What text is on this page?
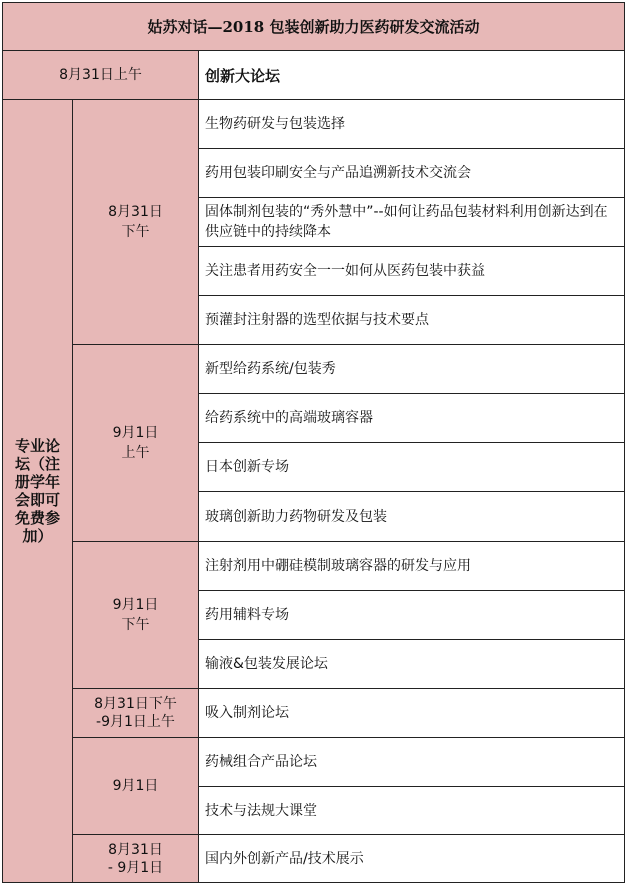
姑苏对话—2018 包装创新助力医药研发交流活动
8月31日上午	创新大论坛
专业论坛（注册学年会即可免费参加）
8月31日
下午
生物药研发与包装选择
药用包装印刷安全与产品追溯新技术交流会
固体制剂包装的“秀外慧中”--如何让药品包装材料利用创新达到在供应链中的持续降本
关注患者用药安全一一如何从医药包装中获益
预灌封注射器的选型依据与技术要点
9月1日
上午
新型给药系统/包装秀
给药系统中的高端玻璃容器
日本创新专场
玻璃创新助力药物研发及包装
9月1日
下午
注射剂用中硼硅模制玻璃容器的研发与应用
药用辅料专场
输液&包装发展论坛
8月31日下午
-9月1日上午
吸入制剂论坛
9月1日
药械组合产品论坛
技术与法规大课堂
8月31日
- 9月1日
国内外创新产品/技术展示
